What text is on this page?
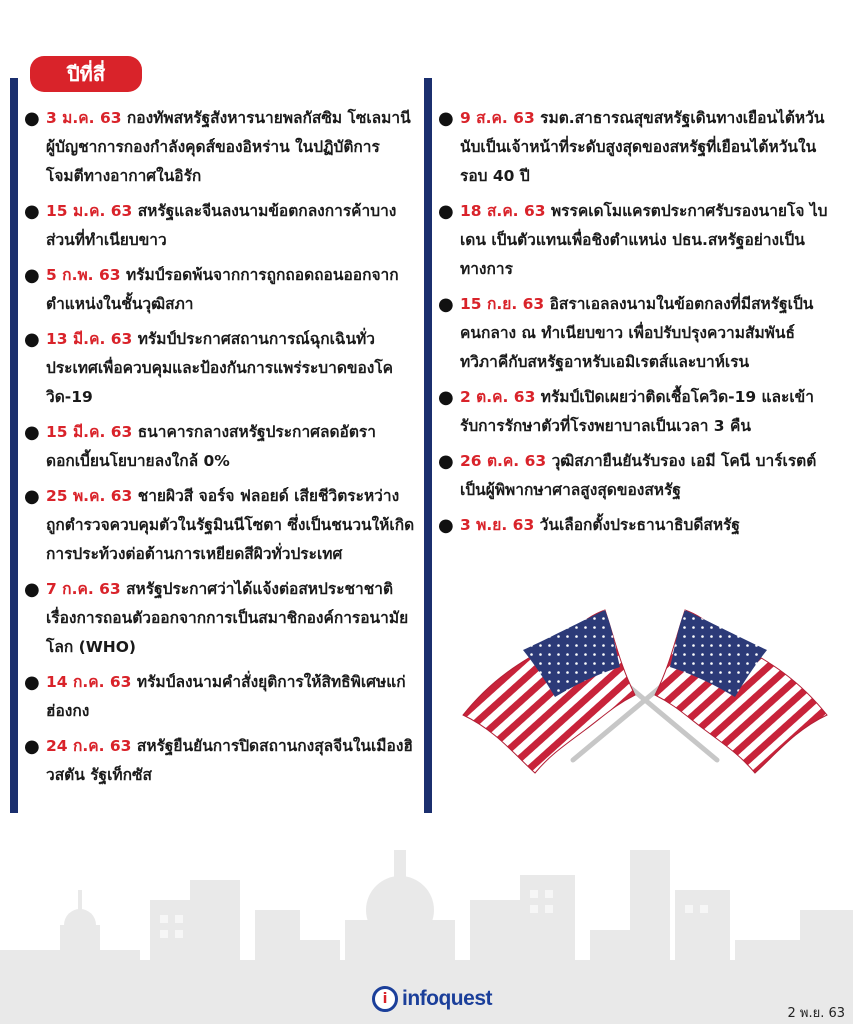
ปีที่สี่
● 3 ม.ค. 63 กองทัพสหรัฐสังหารนายพลกัสซิม โซเลมานี ผู้บัญชาการกองกำลังคุดส์ของอิหร่าน ในปฏิบัติการโจมตีทางอากาศในอิรัก
● 15 ม.ค. 63 สหรัฐและจีนลงนามข้อตกลงการค้าบางส่วนที่ทำเนียบขาว
● 5 ก.พ. 63 ทรัมป์รอดพ้นจากการถูกถอดถอนออกจากตำแหน่งในชั้นวุฒิสภา
● 13 มี.ค. 63 ทรัมป์ประกาศสถานการณ์ฉุกเฉินทั่วประเทศเพื่อควบคุมและป้องกันการแพร่ระบาดของโควิด-19
● 15 มี.ค. 63 ธนาคารกลางสหรัฐประกาศลดอัตราดอกเบี้ยนโยบายลงใกล้ 0%
● 25 พ.ค. 63 ชายผิวสี จอร์จ ฟลอยด์ เสียชีวิตระหว่างถูกตำรวจควบคุมตัวในรัฐมินนีโซตา ซึ่งเป็นชนวนให้เกิดการประท้วงต่อต้านการเหยียดสีผิวทั่วประเทศ
● 7 ก.ค. 63 สหรัฐประกาศว่าได้แจ้งต่อสหประชาชาติเรื่องการถอนตัวออกจากการเป็นสมาชิกองค์การอนามัยโลก (WHO)
● 14 ก.ค. 63 ทรัมป์ลงนามคำสั่งยุติการให้สิทธิพิเศษแก่ฮ่องกง
● 24 ก.ค. 63 สหรัฐยืนยันการปิดสถานกงสุลจีนในเมืองฮิวสตัน รัฐเท็กซัส
● 9 ส.ค. 63 รมต.สาธารณสุขสหรัฐเดินทางเยือนไต้หวัน นับเป็นเจ้าหน้าที่ระดับสูงสุดของสหรัฐที่เยือนไต้หวันในรอบ 40 ปี
● 18 ส.ค. 63 พรรคเดโมแครตประกาศรับรองนายโจ ไบเดน เป็นตัวแทนเพื่อชิงตำแหน่ง ปธน.สหรัฐอย่างเป็นทางการ
● 15 ก.ย. 63 อิสราเอลลงนามในข้อตกลงที่มีสหรัฐเป็นคนกลาง ณ ทำเนียบขาว เพื่อปรับปรุงความสัมพันธ์ทวิภาคีกับสหรัฐอาหรับเอมิเรตส์และบาห์เรน
● 2 ต.ค. 63 ทรัมป์เปิดเผยว่าติดเชื้อโควิด-19 และเข้ารับการรักษาตัวที่โรงพยาบาลเป็นเวลา 3 คืน
● 26 ต.ค. 63 วุฒิสภายืนยันรับรอง เอมี โคนี บาร์เรตต์ เป็นผู้พิพากษาศาลสูงสุดของสหรัฐ
● 3 พ.ย. 63 วันเลือกตั้งประธานาธิบดีสหรัฐ
i infoquest
2 พ.ย. 63
